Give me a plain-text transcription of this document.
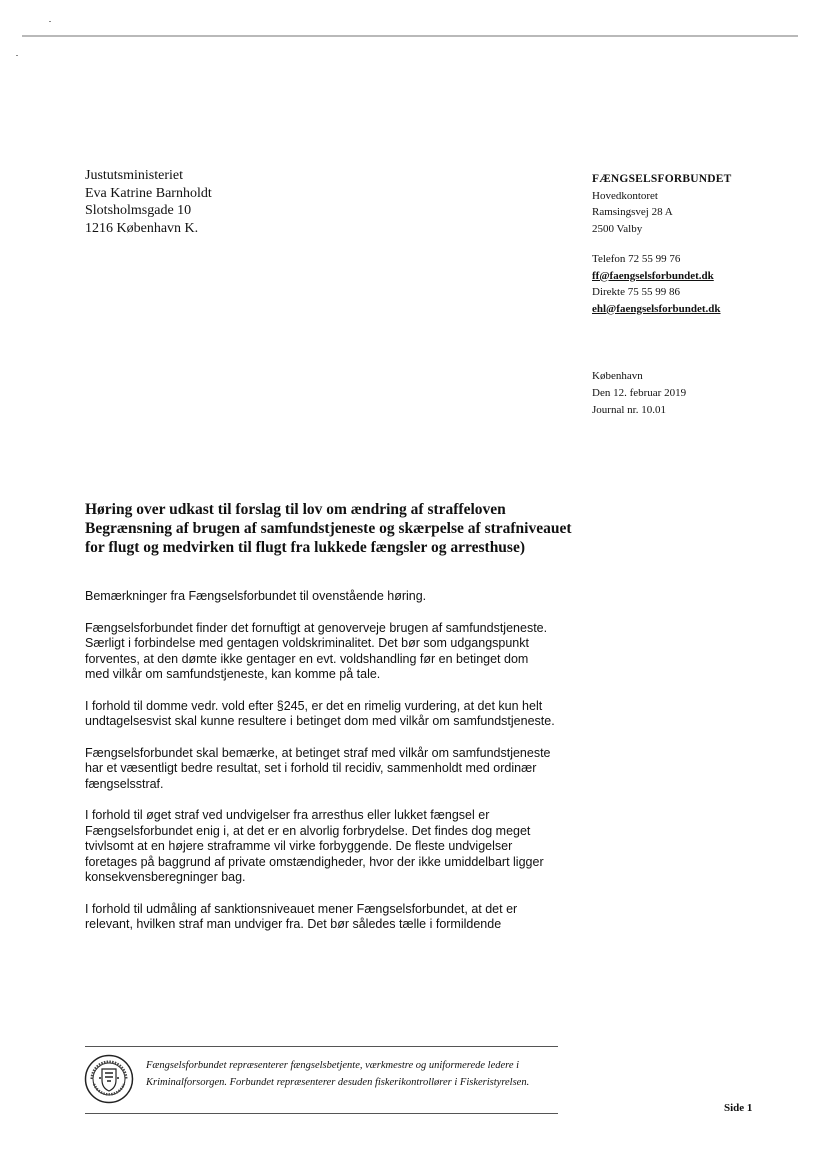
Justutsministeriet
Eva Katrine Barnholdt
Slotsholmsgade 10
1216 København K.
FÆNGSELSFORBUNDET
Hovedkontoret
Ramsingsvej 28 A
2500 Valby
Telefon 72 55 99 76
ff@faengselsforbundet.dk
Direkte 75 55 99 86
ehl@faengselsforbundet.dk
København
Den 12. februar 2019
Journal nr. 10.01
Høring over udkast til forslag til lov om ændring af straffeloven Begrænsning af brugen af samfundstjeneste og skærpelse af strafniveauet for flugt og medvirken til flugt fra lukkede fængsler og arresthuse)

Bemærkninger fra Fængselsforbundet til ovenstående høring.

Fængselsforbundet finder det fornuftigt at genoverveje brugen af samfundstjeneste. Særligt i forbindelse med gentagen voldskriminalitet. Det bør som udgangspunkt forventes, at den dømte ikke gentager en evt. voldshandling før en betinget dom med vilkår om samfundstjeneste, kan komme på tale.

I forhold til domme vedr. vold efter §245, er det en rimelig vurdering, at det kun helt undtagelsesvist skal kunne resultere i betinget dom med vilkår om samfundstjeneste.

Fængselsforbundet skal bemærke, at betinget straf med vilkår om samfundstjeneste har et væsentligt bedre resultat, set i forhold til recidiv, sammenholdt med ordinær fængselsstraf.

I forhold til øget straf ved undvigelser fra arresthus eller lukket fængsel er Fængselsforbundet enig i, at det er en alvorlig forbrydelse. Det findes dog meget tvivlsomt at en højere straframme vil virke forbyggende. De fleste undvigelser foretages på baggrund af private omstændigheder, hvor der ikke umiddelbart ligger konsekvensberegninger bag.

I forhold til udmåling af sanktionsniveauet mener Fængselsforbundet, at det er relevant, hvilken straf man undviger fra. Det bør således tælle i formildende

Fængselsforbundet repræsenterer fængselsbetjente, værkmestre og uniformerede ledere i Kriminalforsorgen. Forbundet repræsenterer desuden fiskerikontrollører i Fiskeristyrelsen.
Side 1
